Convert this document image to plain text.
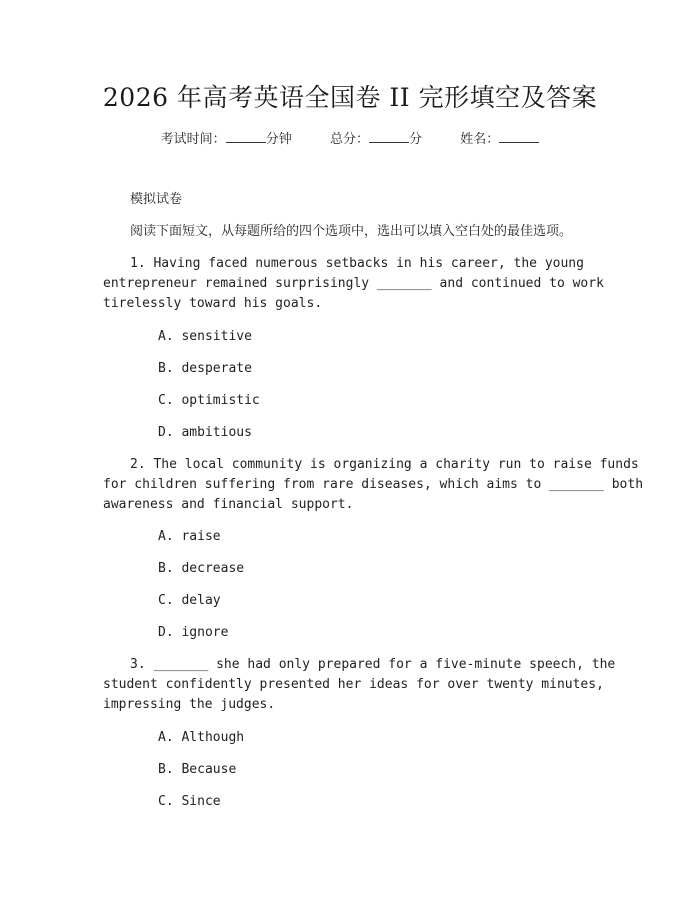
2026 年高考英语全国卷 II 完形填空及答案
考试时间：	分钟	总分：	分	姓名：
模拟试卷
阅读下面短文，从每题所给的四个选项中，选出可以填入空白处的最佳选项。
1. Having faced numerous setbacks in his career, the young
entrepreneur remained surprisingly _______ and continued to work
tirelessly toward his goals.
A. sensitive
B. desperate
C. optimistic
D. ambitious
2. The local community is organizing a charity run to raise funds
for children suffering from rare diseases, which aims to _______ both
awareness and financial support.
A. raise
B. decrease
C. delay
D. ignore
3. _______ she had only prepared for a five-minute speech, the
student confidently presented her ideas for over twenty minutes,
impressing the judges.
A. Although
B. Because
C. Since
